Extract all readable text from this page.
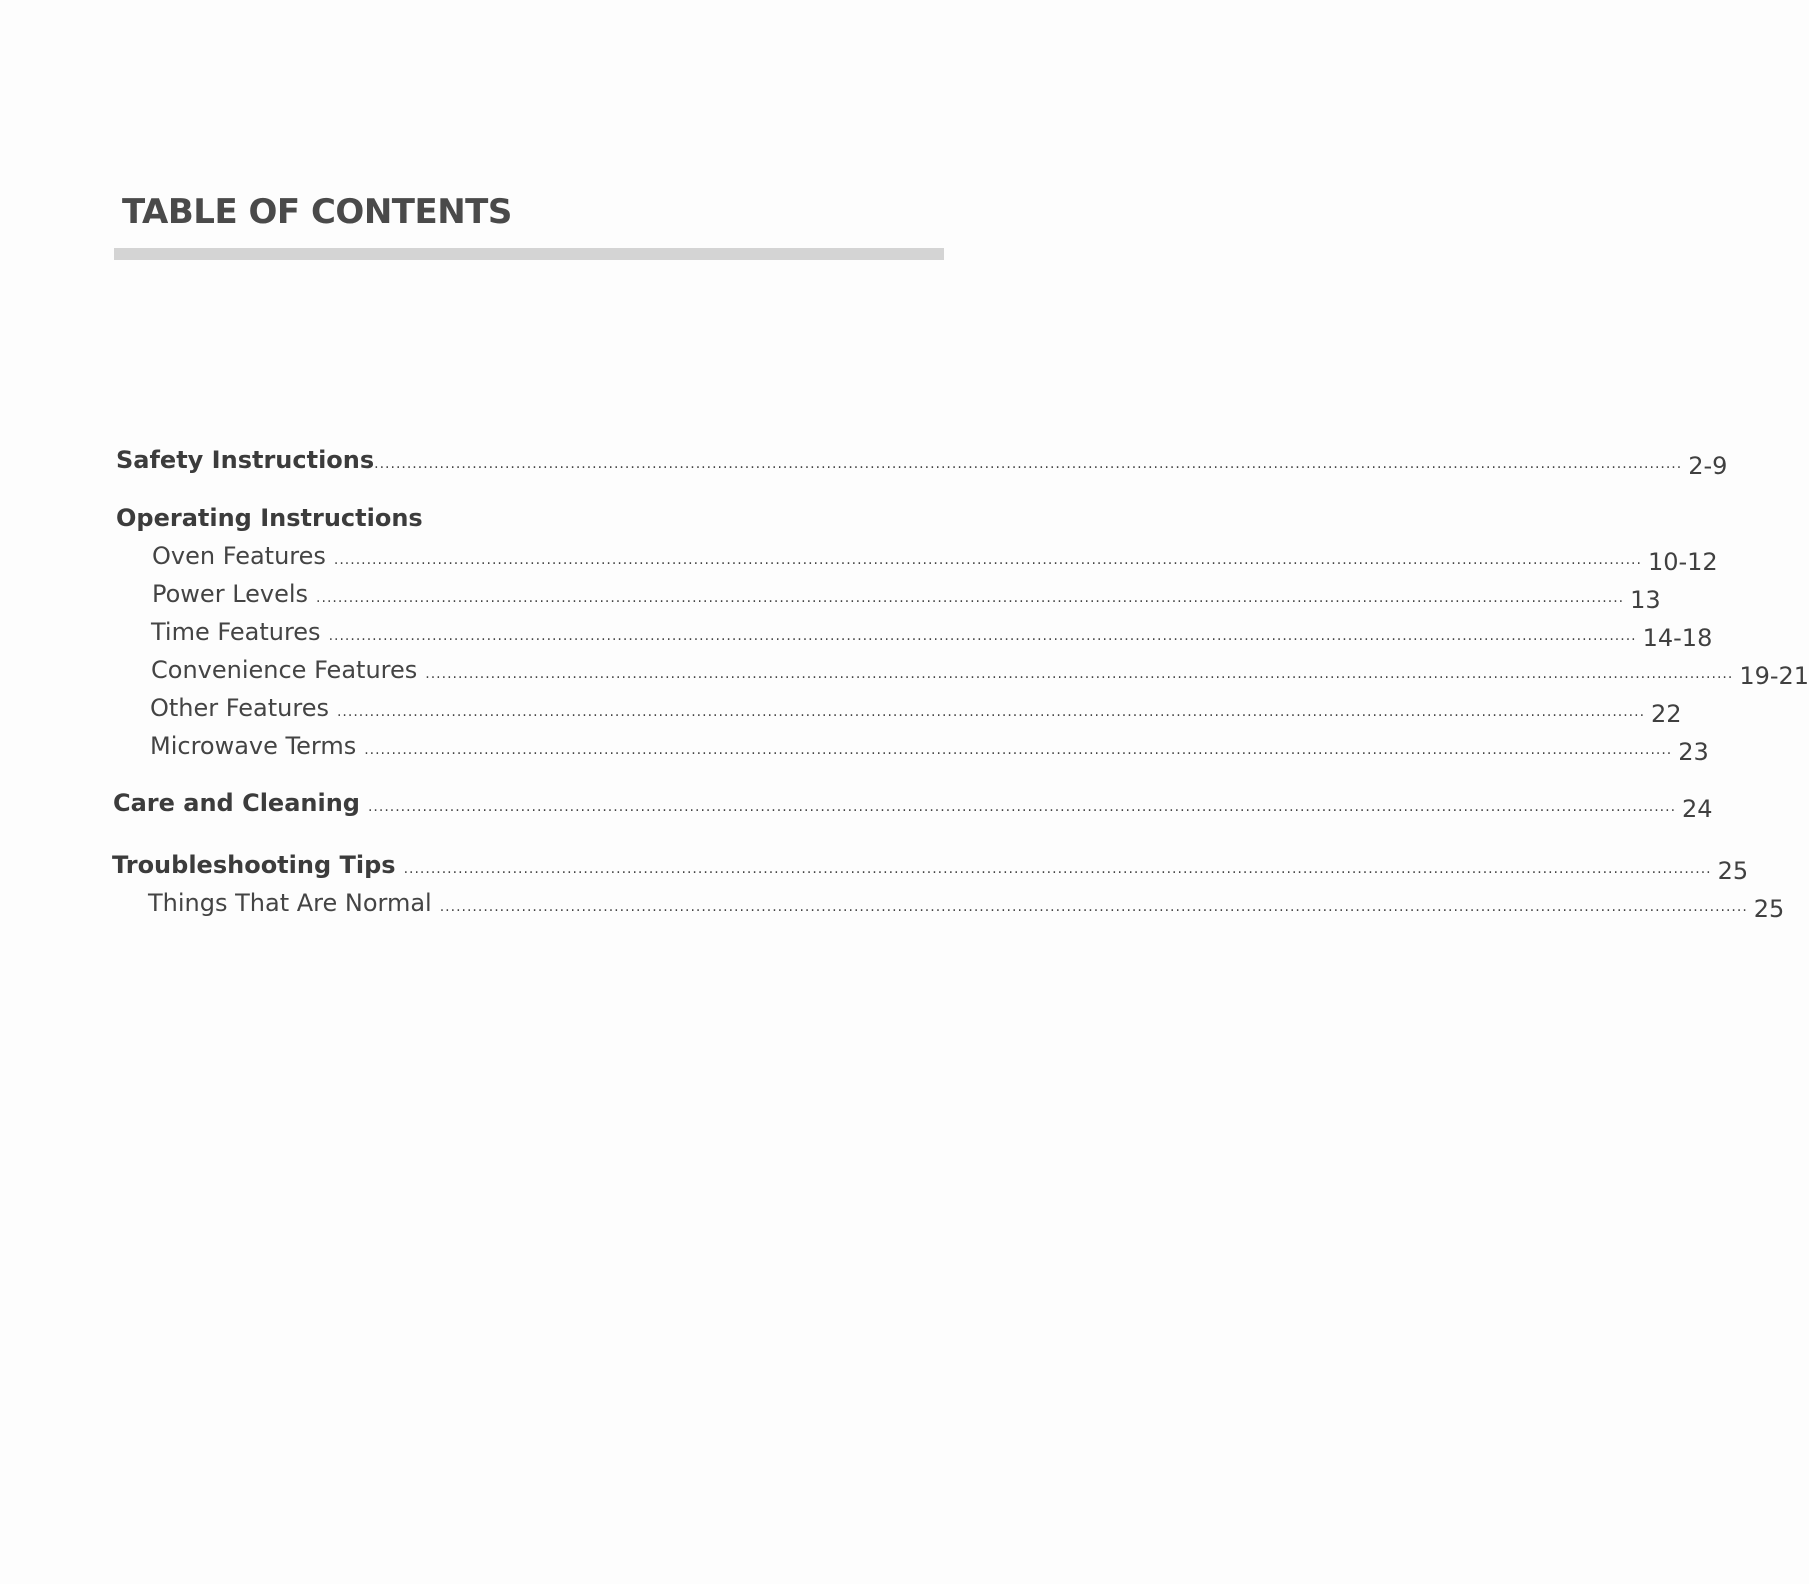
TABLE OF CONTENTS
Safety Instructions ................................................................................................................................................................................................................................................ 2-9
Operating Instructions
Oven Features ................................................................................................................................................................................................................................................ 10-12
Power Levels ................................................................................................................................................................................................................................................ 13
Time Features ................................................................................................................................................................................................................................................ 14-18
Convenience Features ................................................................................................................................................................................................................................................ 19-21
Other Features ................................................................................................................................................................................................................................................ 22
Microwave Terms ................................................................................................................................................................................................................................................ 23
Care and Cleaning ................................................................................................................................................................................................................................................ 24
Troubleshooting Tips ................................................................................................................................................................................................................................................ 25
Things That Are Normal ................................................................................................................................................................................................................................................ 25
